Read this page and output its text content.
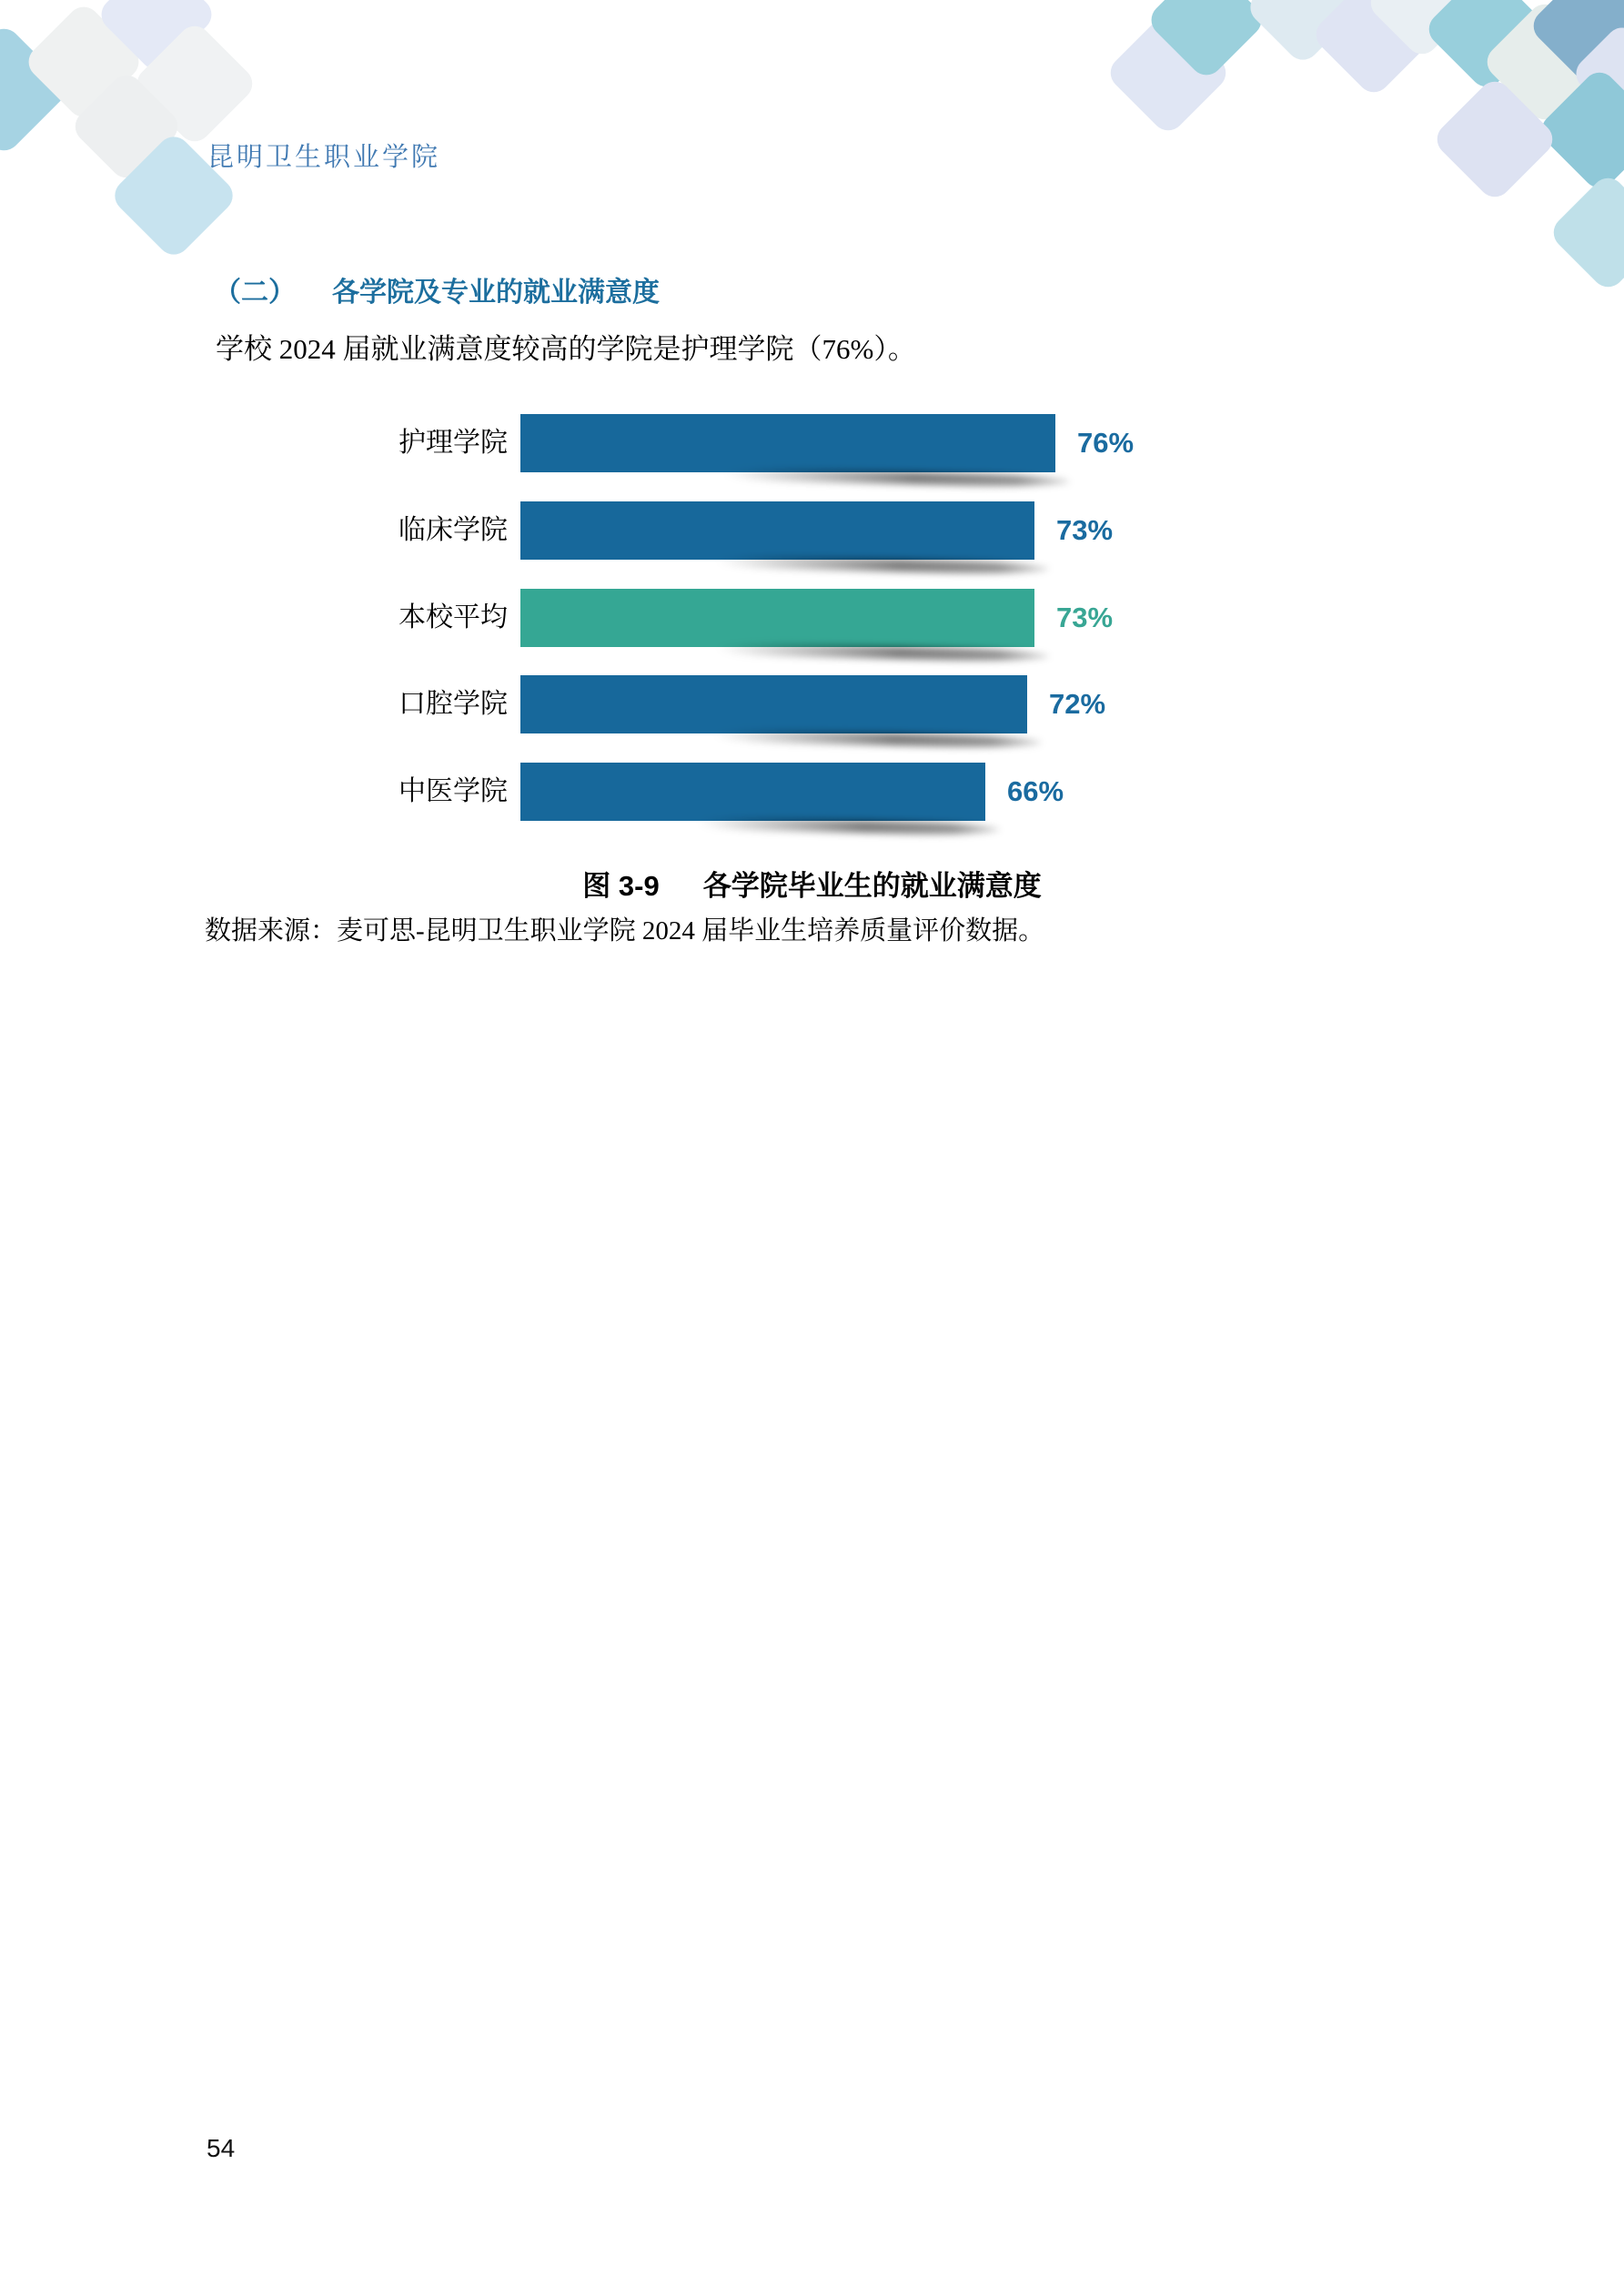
昆明卫生职业学院
（二） 各学院及专业的就业满意度
学校 2024 届就业满意度较高的学院是护理学院（76%）。
护理学院	76%
临床学院	73%
本校平均	73%
口腔学院	72%
中医学院	66%
图 3-9 各学院毕业生的就业满意度
数据来源：麦可思-昆明卫生职业学院 2024 届毕业生培养质量评价数据。
54
